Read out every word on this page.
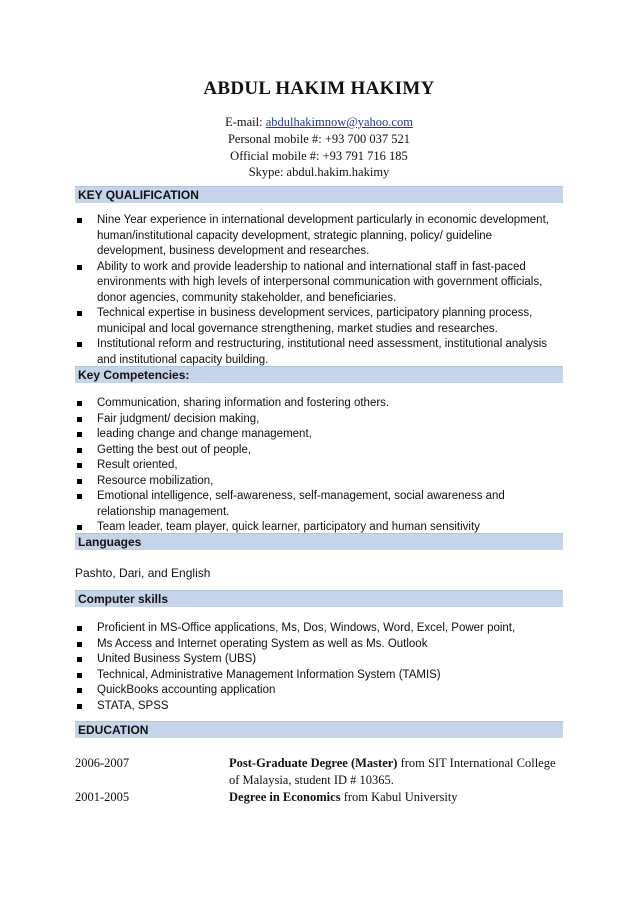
ABDUL HAKIM HAKIMY
E-mail: abdulhakimnow@yahoo.com
Personal mobile #: +93 700 037 521
Official mobile #: +93 791 716 185
Skype: abdul.hakim.hakimy
KEY QUALIFICATION
Nine Year experience in international development particularly in economic development, human/institutional capacity development, strategic planning, policy/ guideline development, business development and researches.
Ability to work and provide leadership to national and international staff in fast-paced environments with high levels of interpersonal communication with government officials, donor agencies, community stakeholder, and beneficiaries.
Technical expertise in business development services, participatory planning process, municipal and local governance strengthening, market studies and researches.
Institutional reform and restructuring, institutional need assessment, institutional analysis and institutional capacity building.
Key Competencies:
Communication, sharing information and fostering others.
Fair judgment/ decision making,
leading change and change management,
Getting the best out of people,
Result oriented,
Resource mobilization,
Emotional intelligence, self-awareness, self-management, social awareness and relationship management.
Team leader, team player, quick learner, participatory and human sensitivity
Languages
Pashto, Dari, and English
Computer skills
Proficient in MS-Office applications, Ms, Dos, Windows, Word, Excel, Power point,
Ms Access and Internet operating System as well as Ms. Outlook
United Business System (UBS)
Technical, Administrative Management Information System (TAMIS)
QuickBooks accounting application
STATA, SPSS
EDUCATION
2006-2007	Post-Graduate Degree (Master) from SIT International College of Malaysia, student ID # 10365.
2001-2005	Degree in Economics from Kabul University
